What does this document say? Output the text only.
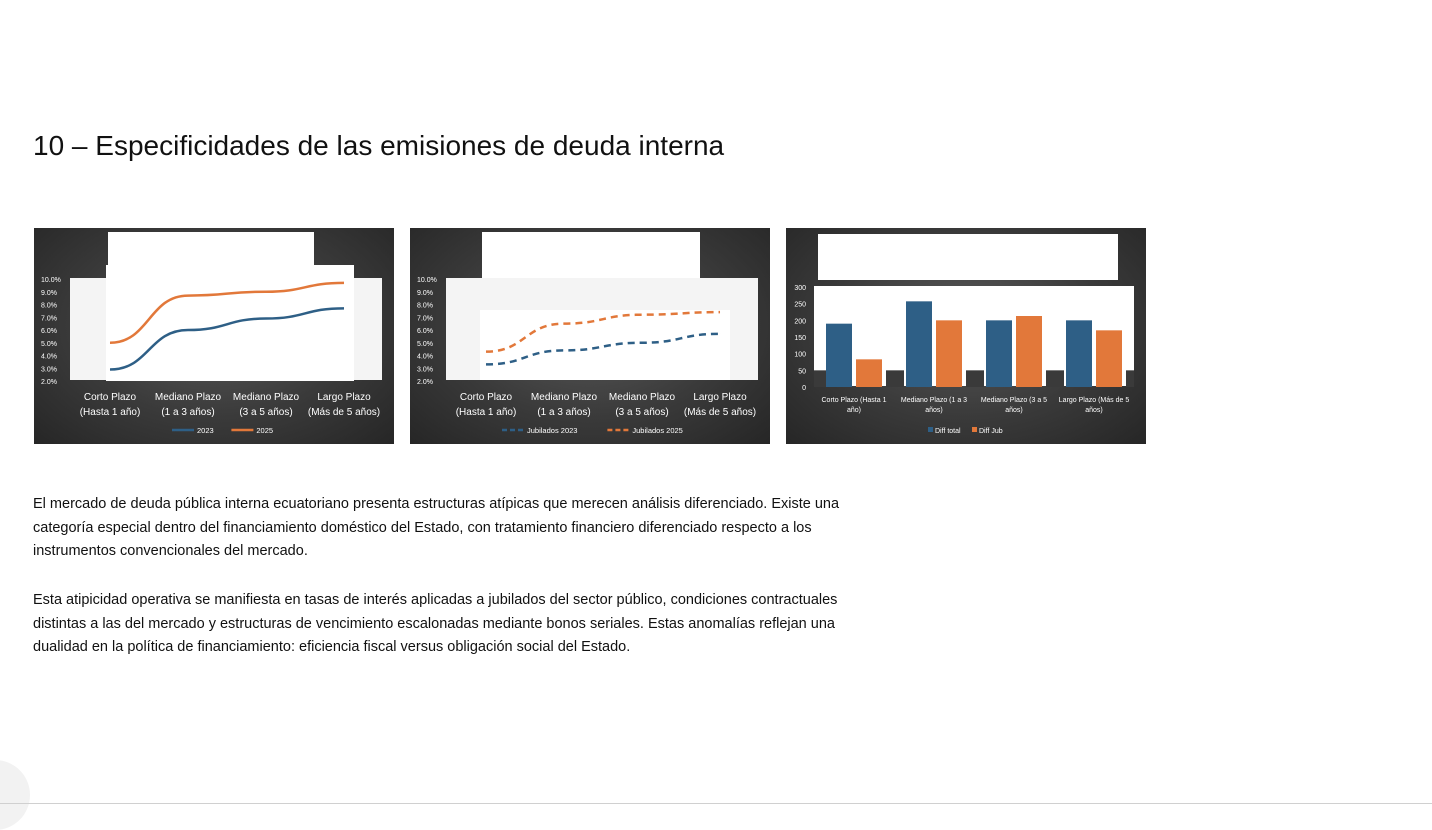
10 – Especificidades de las emisiones de deuda interna
10.0%
9.0%
8.0%
7.0%
6.0%
5.0%
4.0%
3.0%
2.0%
Corto Plazo
(Hasta 1 año)
Mediano Plazo
(1 a 3 años)
Mediano Plazo
(3 a 5 años)
Largo Plazo
(Más de 5 años)
2023	2025
10.0%
9.0%
8.0%
7.0%
6.0%
5.0%
4.0%
3.0%
2.0%
Corto Plazo
(Hasta 1 año)
Mediano Plazo
(1 a 3 años)
Mediano Plazo
(3 a 5 años)
Largo Plazo
(Más de 5 años)
Jubilados 2023	Jubilados 2025
300
250
200
150
100
50
0
Corto Plazo (Hasta 1
año)
Mediano Plazo (1 a 3
años)
Mediano Plazo (3 a 5
años)
Largo Plazo (Más de 5
años)
Diff total	Diff Jub
El mercado de deuda pública interna ecuatoriano presenta estructuras atípicas que merecen análisis diferenciado. Existe una categoría especial dentro del financiamiento doméstico del Estado, con tratamiento financiero diferenciado respecto a los instrumentos convencionales del mercado.
Esta atipicidad operativa se manifiesta en tasas de interés aplicadas a jubilados del sector público, condiciones contractuales distintas a las del mercado y estructuras de vencimiento escalonadas mediante bonos seriales. Estas anomalías reflejan una dualidad en la política de financiamiento: eficiencia fiscal versus obligación social del Estado.
